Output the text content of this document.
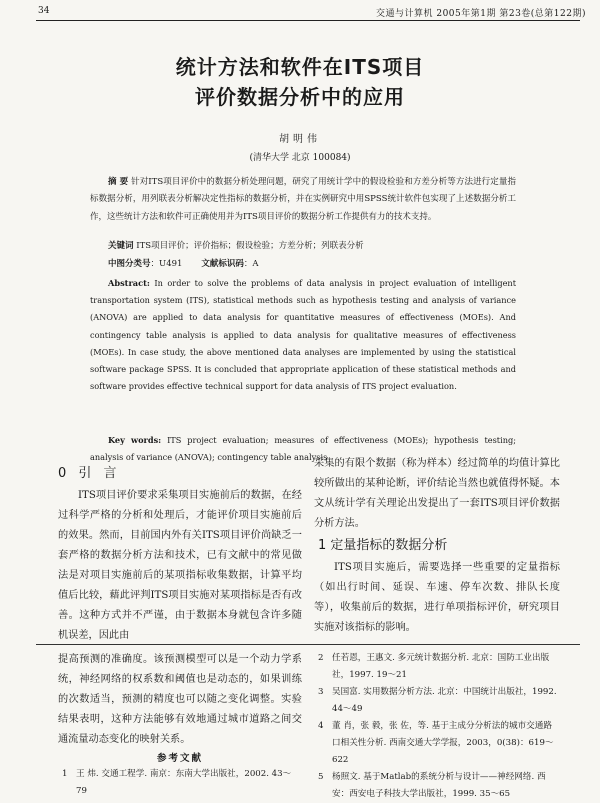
34	交通与计算机 2005年第1期 第23卷(总第122期)
统计方法和软件在ITS项目
评价数据分析中的应用
胡明伟
(清华大学 北京 100084)
摘 要 针对ITS项目评价中的数据分析处理问题，研究了用统计学中的假设检验和方差分析等方法进行定量指标数据分析，用列联表分析解决定性指标的数据分析，并在实例研究中用SPSS统计软件包实现了上述数据分析工作，这些统计方法和软件可正确使用并为ITS项目评价的数据分析工作提供有力的技术支持。
关键词 ITS项目评价；评价指标；假设检验；方差分析；列联表分析
中图分类号：U491 文献标识码：A
Abstract: In order to solve the problems of data analysis in project evaluation of intelligent transportation system (ITS), statistical methods such as hypothesis testing and analysis of variance (ANOVA) are applied to data analysis for quantitative measures of effectiveness (MOEs). And contingency table analysis is applied to data analysis for qualitative measures of effectiveness (MOEs). In case study, the above mentioned data analyses are implemented by using the statistical software package SPSS. It is concluded that appropriate application of these statistical methods and software provides effective technical support for data analysis of ITS project evaluation.
Key words: ITS project evaluation; measures of effectiveness (MOEs); hypothesis testing; analysis of variance (ANOVA); contingency table analysis
0 引 言

ITS项目评价要求采集项目实施前后的数据，在经过科学严格的分析和处理后，才能评价项目实施前后的效果。然而，目前国内外有关ITS项目评价尚缺乏一套严格的数据分析方法和技术，已有文献中的常见做法是对项目实施前后的某项指标收集数据，计算平均值后比较，藉此评判ITS项目实施对某项指标是否有改善。这种方式并不严谨，由于数据本身就包含许多随机误差，因此由

采集的有限个数据（称为样本）经过简单的均值计算比较所做出的某种论断，评价结论当然也就值得怀疑。本文从统计学有关理论出发提出了一套ITS项目评价数据分析方法。

1 定量指标的数据分析

ITS项目实施后，需要选择一些重要的定量指标（如出行时间、延误、车速、停车次数、排队长度等），收集前后的数据，进行单项指标评价，研究项目实施对该指标的影响。

提高预测的准确度。该预测模型可以是一个动力学系统，神经网络的权系数和阈值也是动态的，如果训练的次数适当，预测的精度也可以随之变化调整。实验结果表明，这种方法能够有效地通过城市道路之间交通流量动态变化的映射关系。

参考文献
1 王 炜. 交通工程学. 南京：东南大学出版社，2002. 43～79
2 任若恩，王惠文. 多元统计数据分析. 北京：国防工业出版社，1997. 19～21
3 吴国富. 实用数据分析方法. 北京：中国统计出版社，1992. 44～49
4 董 肖，张 毅，张 佐，等. 基于主成分分析法的城市交通路口相关性分析. 西南交通大学学报，2003，0(38)：619～622
5 杨照文. 基于Matlab的系统分析与设计——神经网络. 西安：西安电子科技大学出版社，1999. 35～65
